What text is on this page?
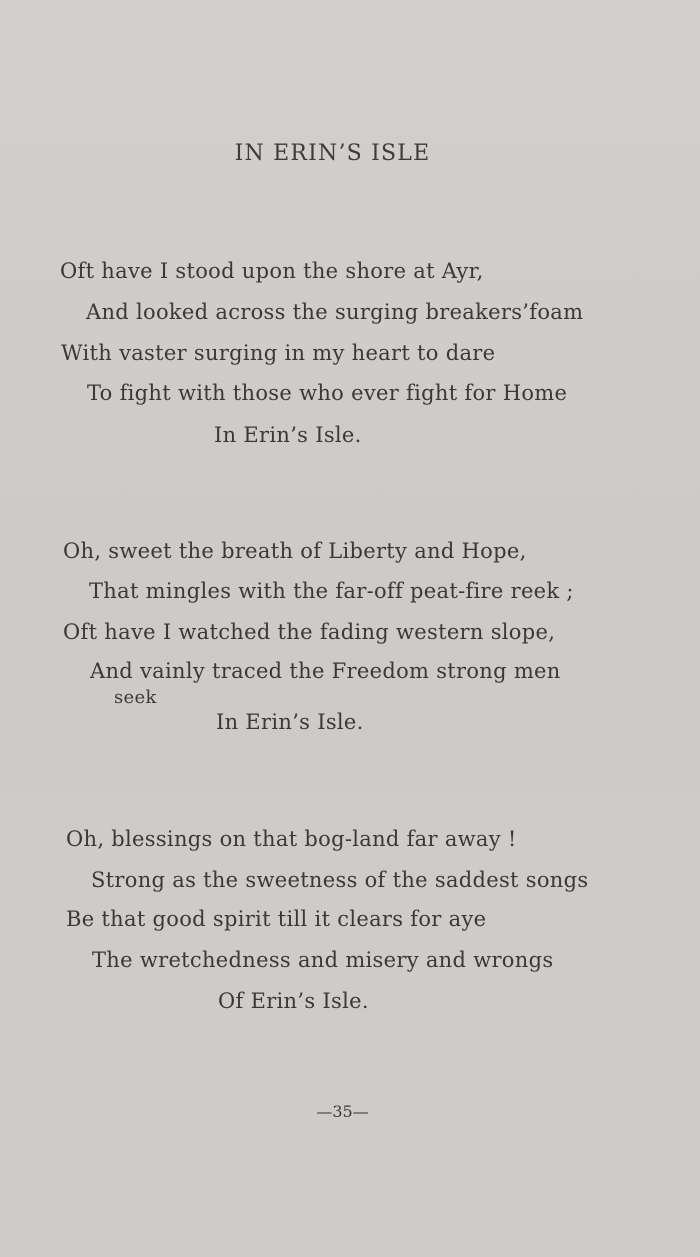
IN ERIN’S ISLE
Oft have I stood upon the shore at Ayr,
And looked across the surging breakers’foam
With vaster surging in my heart to dare
To fight with those who ever fight for Home
In Erin’s Isle.
Oh, sweet the breath of Liberty and Hope,
That mingles with the far-off peat-fire reek ;
Oft have I watched the fading western slope,
And vainly traced the Freedom strong men
seek
In Erin’s Isle.
Oh, blessings on that bog-land far away !
Strong as the sweetness of the saddest songs
Be that good spirit till it clears for aye
The wretchedness and misery and wrongs
Of Erin’s Isle.
—35—
